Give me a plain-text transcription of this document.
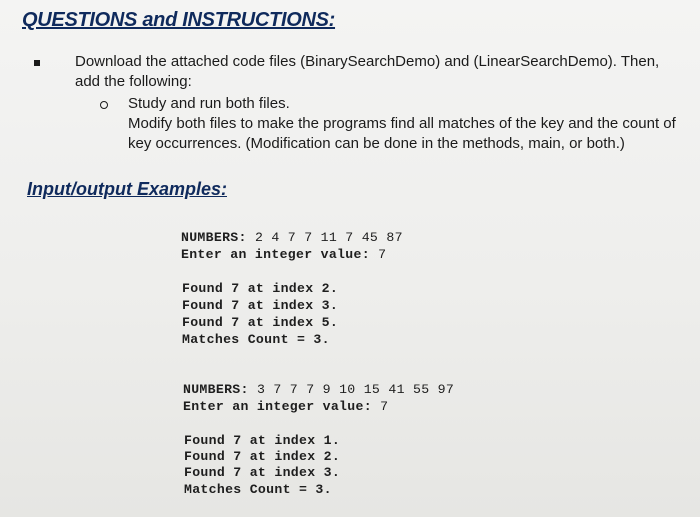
QUESTIONS and INSTRUCTIONS:
Download the attached code files (BinarySearchDemo) and (LinearSearchDemo). Then, add the following:
Study and run both files.
Modify both files to make the programs find all matches of the key and the count of key occurrences. (Modification can be done in the methods, main, or both.)
Input/output Examples:
NUMBERS: 2 4 7 7 11 7 45 87
Enter an integer value: 7
Found 7 at index 2.
Found 7 at index 3.
Found 7 at index 5.
Matches Count = 3.
NUMBERS: 3 7 7 7 9 10 15 41 55 97
Enter an integer value: 7
Found 7 at index 1.
Found 7 at index 2.
Found 7 at index 3.
Matches Count = 3.
